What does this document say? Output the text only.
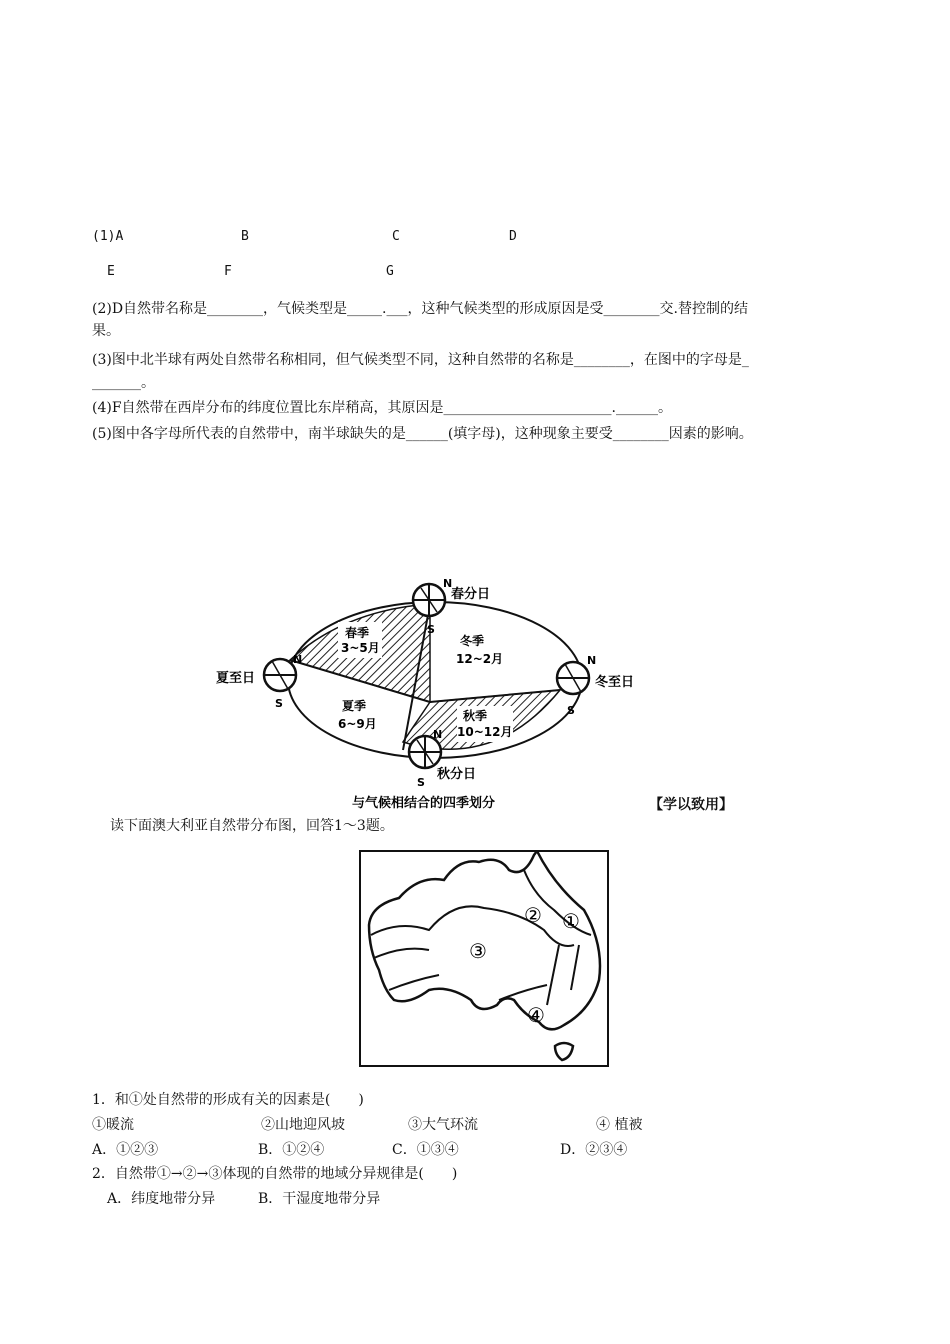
(1)A	B	C	D
E	F	G
(2)D自然带名称是________，气候类型是_____.___，这种气候类型的形成原因是受________交.替控制的结
果。
(3)图中北半球有两处自然带名称相同，但气候类型不同，这种自然带的名称是________，在图中的字母是_
_______。
(4)F自然带在西岸分布的纬度位置比东岸稍高，其原因是________________________.______。
(5)图中各字母所代表的自然带中，南半球缺失的是______(填字母)，这种现象主要受________因素的影响。
春分日
夏至日	冬至日
秋分日
N
S
N
S
N
S
N
S
春季
3~5月	冬季
12~2月
夏季
6~9月
秋季
10~12月
与气候相结合的四季划分	【学以致用】
读下面澳大利亚自然带分布图，回答1～3题。
② ①
③
④
1．和①处自然带的形成有关的因素是(　　)
①暖流	②山地迎风坡	③大气环流	④ 植被
A．①②③	B．①②④	C．①③④	D．②③④
2．自然带①→②→③体现的自然带的地域分异规律是(　　)
A．纬度地带分异	B．干湿度地带分异
